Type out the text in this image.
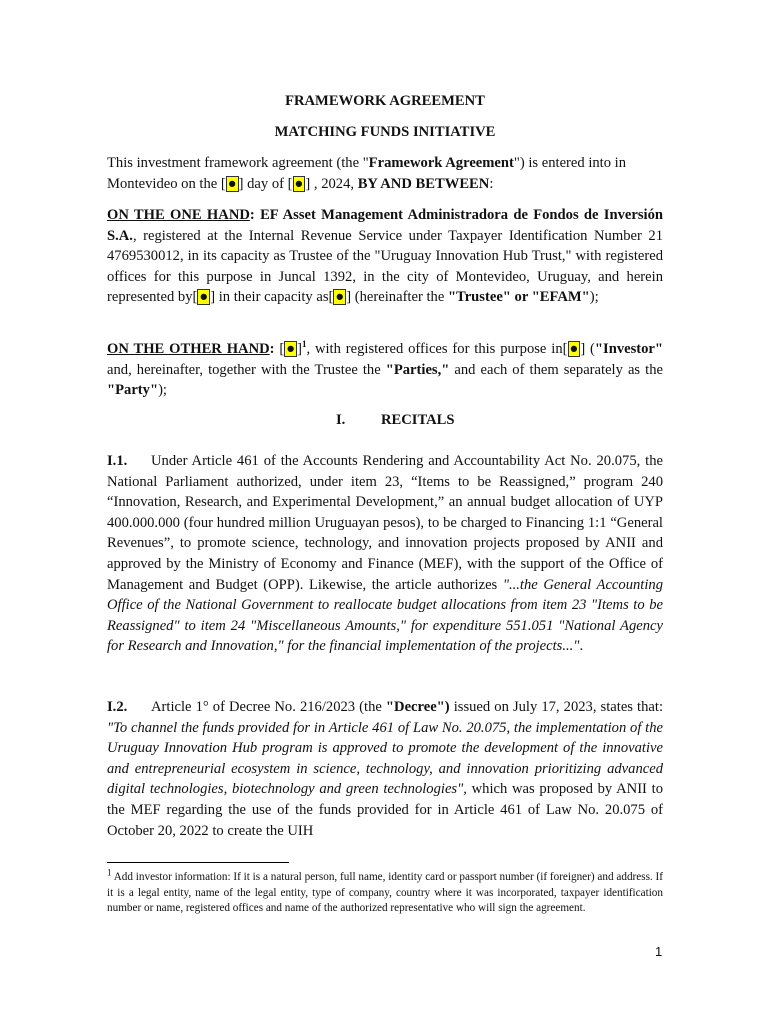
FRAMEWORK AGREEMENT
MATCHING FUNDS INITIATIVE
This investment framework agreement (the "Framework Agreement") is entered into in Montevideo on the [ ● ] day of [ ● ] , 2024, BY AND BETWEEN:
ON THE ONE HAND: EF Asset Management Administradora de Fondos de Inversión S.A., registered at the Internal Revenue Service under Taxpayer Identification Number 21 4769530012, in its capacity as Trustee of the "Uruguay Innovation Hub Trust," with registered offices for this purpose in Juncal 1392, in the city of Montevideo, Uruguay, and herein represented by[ ● ] in their capacity as[ ● ] (hereinafter the "Trustee" or "EFAM");
ON THE OTHER HAND: [ ● ]$^1$, with registered offices for this purpose in[ ● ] ("Investor" and, hereinafter, together with the Trustee the "Parties," and each of them separately as the "Party");
I. RECITALS

I.1. Under Article 461 of the Accounts Rendering and Accountability Act No. 20.075, the National Parliament authorized, under item 23, “Items to be Reassigned,” program 240 “Innovation, Research, and Experimental Development,” an annual budget allocation of UYP 400.000.000 (four hundred million Uruguayan pesos), to be charged to Financing 1:1 “General Revenues”, to promote science, technology, and innovation projects proposed by ANII and approved by the Ministry of Economy and Finance (MEF), with the support of the Office of Management and Budget (OPP). Likewise, the article authorizes "...the General Accounting Office of the National Government to reallocate budget allocations from item 23 "Items to be Reassigned" to item 24 "Miscellaneous Amounts," for expenditure 551.051 "National Agency for Research and Innovation," for the financial implementation of the projects...".
I.2. Article 1° of Decree No. 216/2023 (the "Decree") issued on July 17, 2023, states that: "To channel the funds provided for in Article 461 of Law No. 20.075, the implementation of the Uruguay Innovation Hub program is approved to promote the development of the innovative and entrepreneurial ecosystem in science, technology, and innovation prioritizing advanced digital technologies, biotechnology and green technologies", which was proposed by ANII to the MEF regarding the use of the funds provided for in Article 461 of Law No. 20.075 of October 20, 2022 to create the UIH
$^1$ Add investor information: If it is a natural person, full name, identity card or passport number (if foreigner) and address. If it is a legal entity, name of the legal entity, type of company, country where it was incorporated, taxpayer identification number or name, registered offices and name of the authorized representative who will sign the agreement.
1
